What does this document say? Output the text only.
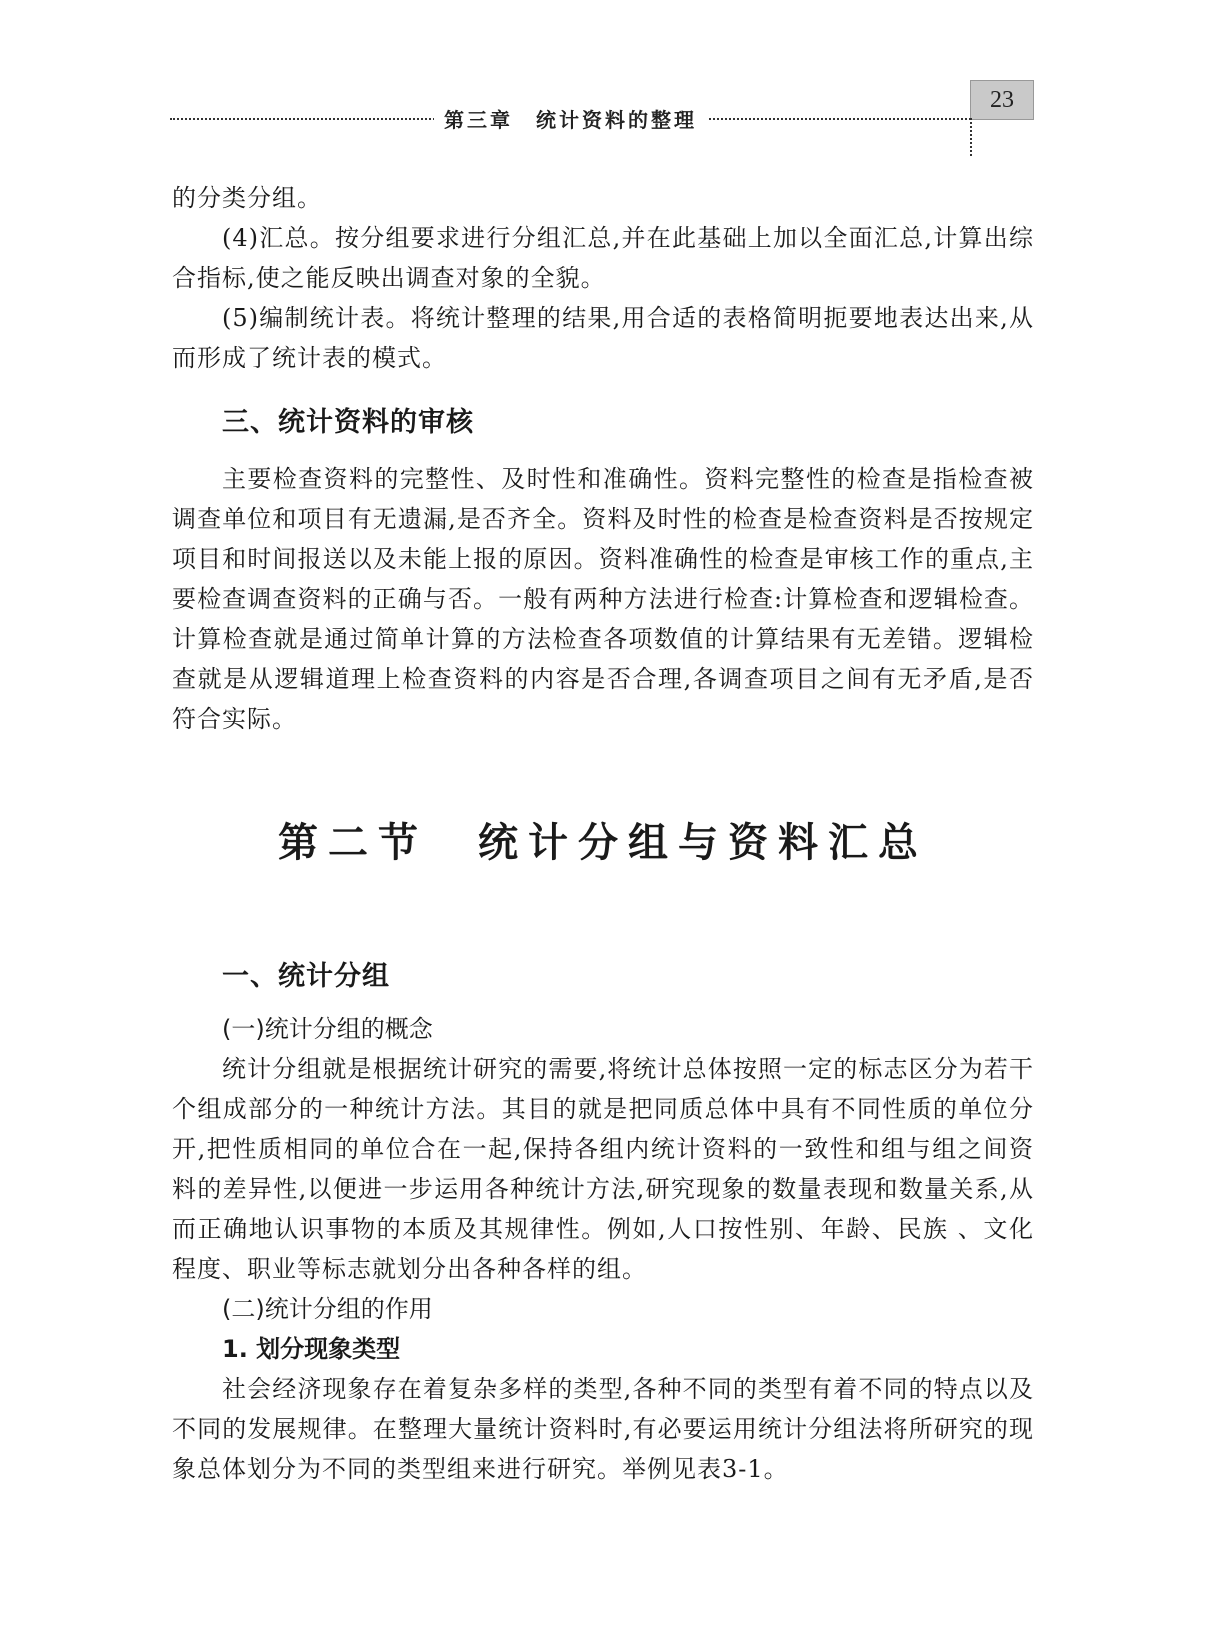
第三章　统计资料的整理
23

的分类分组。

(4)汇总。按分组要求进行分组汇总,并在此基础上加以全面汇总,计算出综合指标,使之能反映出调查对象的全貌。

(5)编制统计表。将统计整理的结果,用合适的表格简明扼要地表达出来,从而形成了统计表的模式。

三、统计资料的审核

主要检查资料的完整性、及时性和准确性。资料完整性的检查是指检查被调查单位和项目有无遗漏,是否齐全。资料及时性的检查是检查资料是否按规定项目和时间报送以及未能上报的原因。资料准确性的检查是审核工作的重点,主要检查调查资料的正确与否。一般有两种方法进行检查:计算检查和逻辑检查。计算检查就是通过简单计算的方法检查各项数值的计算结果有无差错。逻辑检查就是从逻辑道理上检查资料的内容是否合理,各调查项目之间有无矛盾,是否符合实际。

第二节 统计分组与资料汇总
一、统计分组

(一)统计分组的概念

统计分组就是根据统计研究的需要,将统计总体按照一定的标志区分为若干个组成部分的一种统计方法。其目的就是把同质总体中具有不同性质的单位分开,把性质相同的单位合在一起,保持各组内统计资料的一致性和组与组之间资料的差异性,以便进一步运用各种统计方法,研究现象的数量表现和数量关系,从而正确地认识事物的本质及其规律性。例如,人口按性别、年龄、民族 、文化程度、职业等标志就划分出各种各样的组。

(二)统计分组的作用

1. 划分现象类型

社会经济现象存在着复杂多样的类型,各种不同的类型有着不同的特点以及不同的发展规律。在整理大量统计资料时,有必要运用统计分组法将所研究的现象总体划分为不同的类型组来进行研究。举例见表3-1。
